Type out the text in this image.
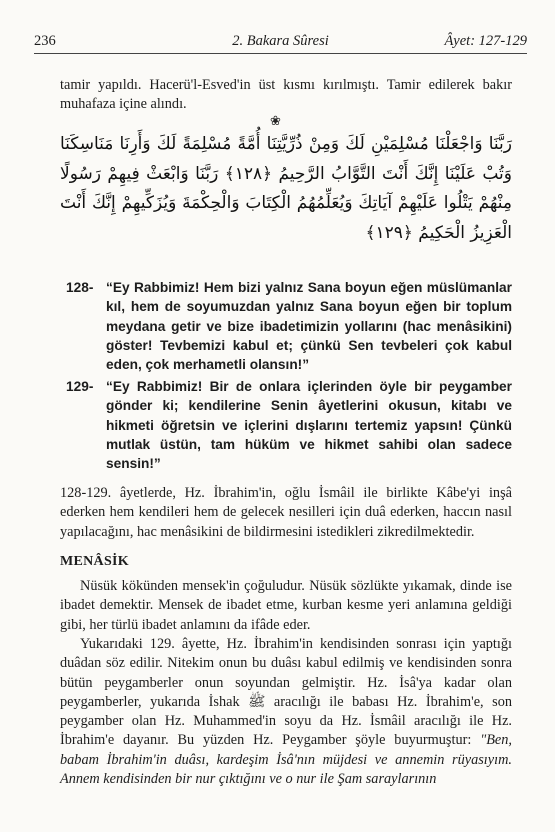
236	2. Bakara Sûresi	Âyet: 127-129
tamir yapıldı. Hacerü'l-Esved'in üst kısmı kırılmıştı. Tamir edilerek bakır muhafaza içine alındı.
❀
رَبَّنَا وَاجْعَلْنَا مُسْلِمَيْنِ لَكَ وَمِنْ ذُرِّيَّتِنَا أُمَّةً مُسْلِمَةً لَكَ وَأَرِنَا مَنَاسِكَنَا وَتُبْ عَلَيْنَا إِنَّكَ أَنْتَ التَّوَّابُ الرَّحِيمُ ﴿١٢٨﴾ رَبَّنَا وَابْعَثْ فِيهِمْ رَسُولًا مِنْهُمْ يَتْلُوا عَلَيْهِمْ آيَاتِكَ وَيُعَلِّمُهُمُ الْكِتَابَ وَالْحِكْمَةَ وَيُزَكِّيهِمْ إِنَّكَ أَنْتَ الْعَزِيزُ الْحَكِيمُ ﴿١٢٩﴾
128- “Ey Rabbimiz! Hem bizi yalnız Sana boyun eğen müslümanlar kıl, hem de soyumuzdan yalnız Sana boyun eğen bir toplum meydana getir ve bize ibadetimizin yollarını (hac menâsikini) göster! Tevbemizi kabul et; çünkü Sen tevbeleri çok kabul eden, çok merhametli olansın!”
129- “Ey Rabbimiz! Bir de onlara içlerinden öyle bir peygamber gönder ki; kendilerine Senin âyetlerini okusun, kitabı ve hikmeti öğretsin ve içlerini dışlarını tertemiz yapsın! Çünkü mutlak üstün, tam hüküm ve hikmet sahibi olan sadece sensin!”
128-129. âyetlerde, Hz. İbrahim'in, oğlu İsmâil ile birlikte Kâbe'yi inşâ ederken hem kendileri hem de gelecek nesilleri için duâ ederken, haccın nasıl yapılacağını, hac menâsikini de bildirmesini istedikleri zikredilmektedir.
MENÂSİK
Nüsük kökünden mensek'in çoğuludur. Nüsük sözlükte yıkamak, dinde ise ibadet demektir. Mensek de ibadet etme, kurban kesme yeri anlamına geldiği gibi, her türlü ibadet anlamını da ifâde eder.
Yukarıdaki 129. âyette, Hz. İbrahim'in kendisinden sonrası için yaptığı duâdan söz edilir. Nitekim onun bu duâsı kabul edilmiş ve kendisinden sonra bütün peygamberler onun soyundan gelmiştir. Hz. İsâ'ya kadar olan peygamberler, yukarıda İshak ﷺ aracılığı ile babası Hz. İbrahim'e, son peygamber olan Hz. Muhammed'in soyu da Hz. İsmâil aracılığı ile Hz. İbrahim'e dayanır. Bu yüzden Hz. Peygamber şöyle buyurmuştur: "Ben, babam İbrahim'in duâsı, kardeşim İsâ'nın müjdesi ve annemin rüyasıyım. Annem kendisinden bir nur çıktığını ve o nur ile Şam saraylarının
